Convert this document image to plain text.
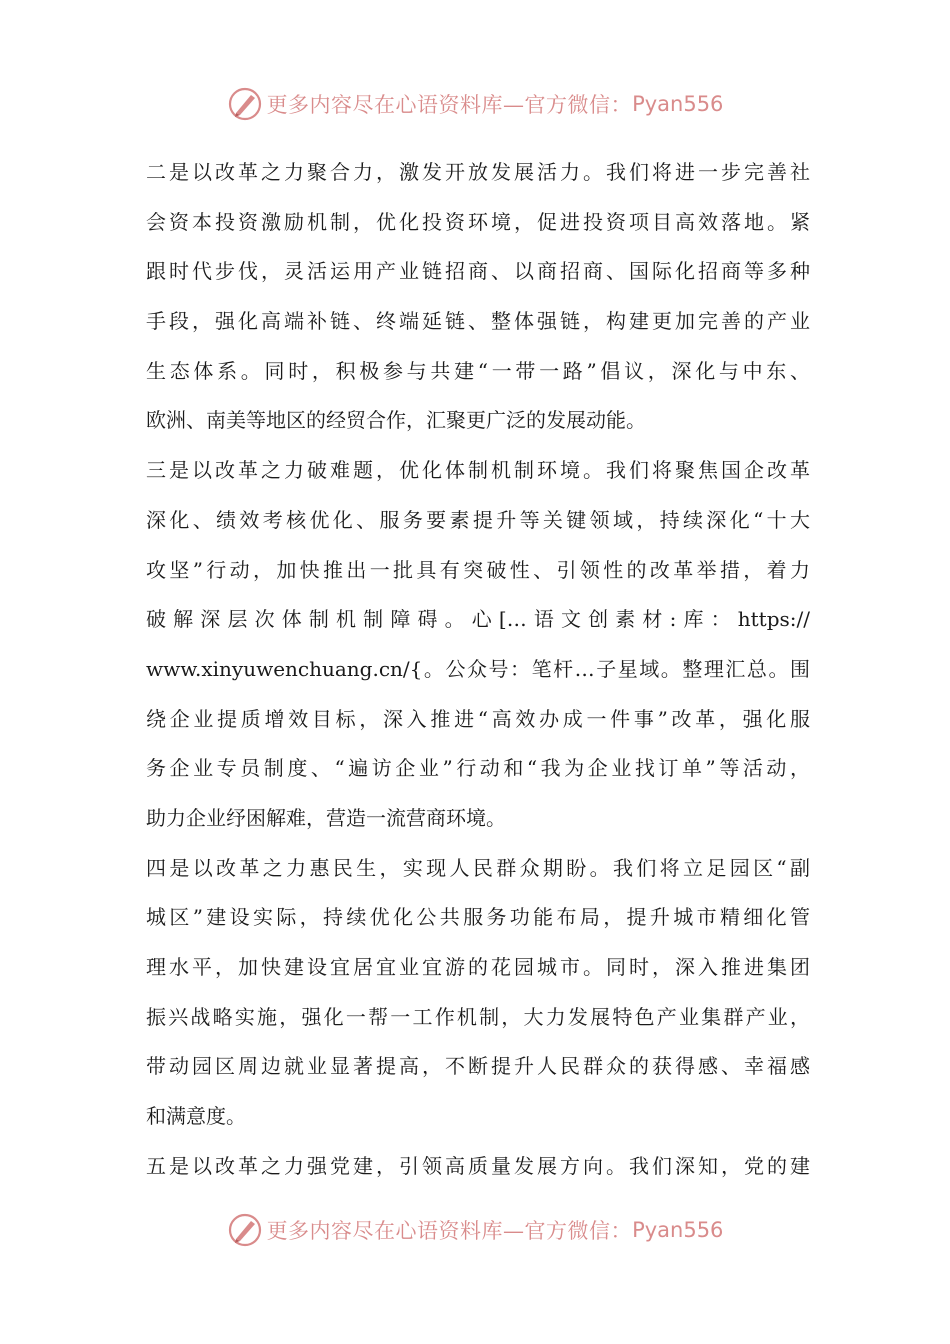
更多内容尽在心语资料库—官方微信： Pyan556
二是以改革之力聚合力，激发开放发展活力。我们将进一步完善社
会资本投资激励机制，优化投资环境，促进投资项目高效落地。紧
跟时代步伐，灵活运用产业链招商、以商招商、国际化招商等多种
手段，强化高端补链、终端延链、整体强链，构建更加完善的产业
生态体系。同时，积极参与共建“一带一路”倡议，深化与中东、
欧洲、南美等地区的经贸合作，汇聚更广泛的发展动能。
三是以改革之力破难题，优化体制机制环境。我们将聚焦国企改革
深化、绩效考核优化、服务要素提升等关键领域，持续深化“十大
攻坚”行动，加快推出一批具有突破性、引领性的改革举措，着力
破解深层次体制机制障碍。心[…语文创素材:库：https://
www.xinyuwenchuang.cn/{。公众号：笔杆…子星域。整理汇总。围
绕企业提质增效目标，深入推进“高效办成一件事”改革，强化服
务企业专员制度、“遍访企业”行动和“我为企业找订单”等活动，
助力企业纾困解难，营造一流营商环境。
四是以改革之力惠民生，实现人民群众期盼。我们将立足园区“副
城区”建设实际，持续优化公共服务功能布局，提升城市精细化管
理水平，加快建设宜居宜业宜游的花园城市。同时，深入推进集团
振兴战略实施，强化一帮一工作机制，大力发展特色产业集群产业，
带动园区周边就业显著提高，不断提升人民群众的获得感、幸福感
和满意度。
五是以改革之力强党建，引领高质量发展方向。我们深知，党的建
更多内容尽在心语资料库—官方微信： Pyan556
